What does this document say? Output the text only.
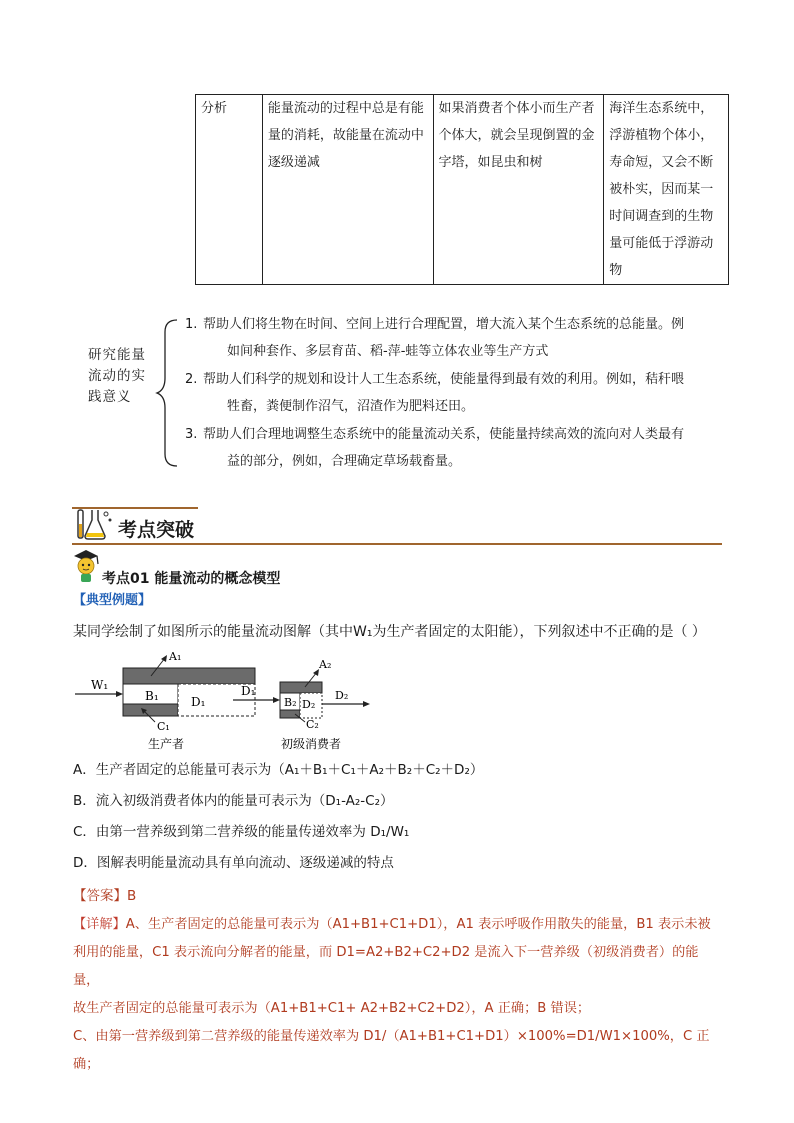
分析	能量流动的过程中总是有能量的消耗，故能量在流动中逐级递减	如果消费者个体小而生产者个体大，就会呈现倒置的金字塔，如昆虫和树	海洋生态系统中，浮游植物个体小，寿命短，又会不断被朴实，因而某一时间调查到的生物量可能低于浮游动物
研究能量流动的实践意义
1. 帮助人们将生物在时间、空间上进行合理配置，增大流入某个生态系统的总能量。例
如间种套作、多层育苗、稻-萍-蛙等立体农业等生产方式
2. 帮助人们科学的规划和设计人工生态系统，使能量得到最有效的利用。例如，秸秆喂
牲畜，粪便制作沼气，沼渣作为肥料还田。
3. 帮助人们合理地调整生态系统中的能量流动关系，使能量持续高效的流向对人类最有
益的部分，例如，合理确定草场载畜量。
考点突破
考点01 能量流动的概念模型
【典型例题】
某同学绘制了如图所示的能量流动图解（其中W₁为生产者固定的太阳能），下列叙述中不正确的是（ ）
W₁
B₁	D₁
A₁
C₁
D₁
B₂ D₂
A₂
C₂
D₂
生产者	初级消费者
A．生产者固定的总能量可表示为（A₁＋B₁＋C₁＋A₂＋B₂＋C₂＋D₂）
B．流入初级消费者体内的能量可表示为（D₁-A₂-C₂）
C．由第一营养级到第二营养级的能量传递效率为 D₁/W₁
D．图解表明能量流动具有单向流动、逐级递减的特点
【答案】B
【详解】A、生产者固定的总能量可表示为（A1+B1+C1+D1），A1 表示呼吸作用散失的能量，B1 表示未被
利用的能量，C1 表示流向分解者的能量，而 D1=A2+B2+C2+D2 是流入下一营养级（初级消费者）的能量，
故生产者固定的总能量可表示为（A1+B1+C1+ A2+B2+C2+D2），A 正确；B 错误；
C、由第一营养级到第二营养级的能量传递效率为 D1/（A1+B1+C1+D1）×100%=D1/W1×100%，C 正确；
